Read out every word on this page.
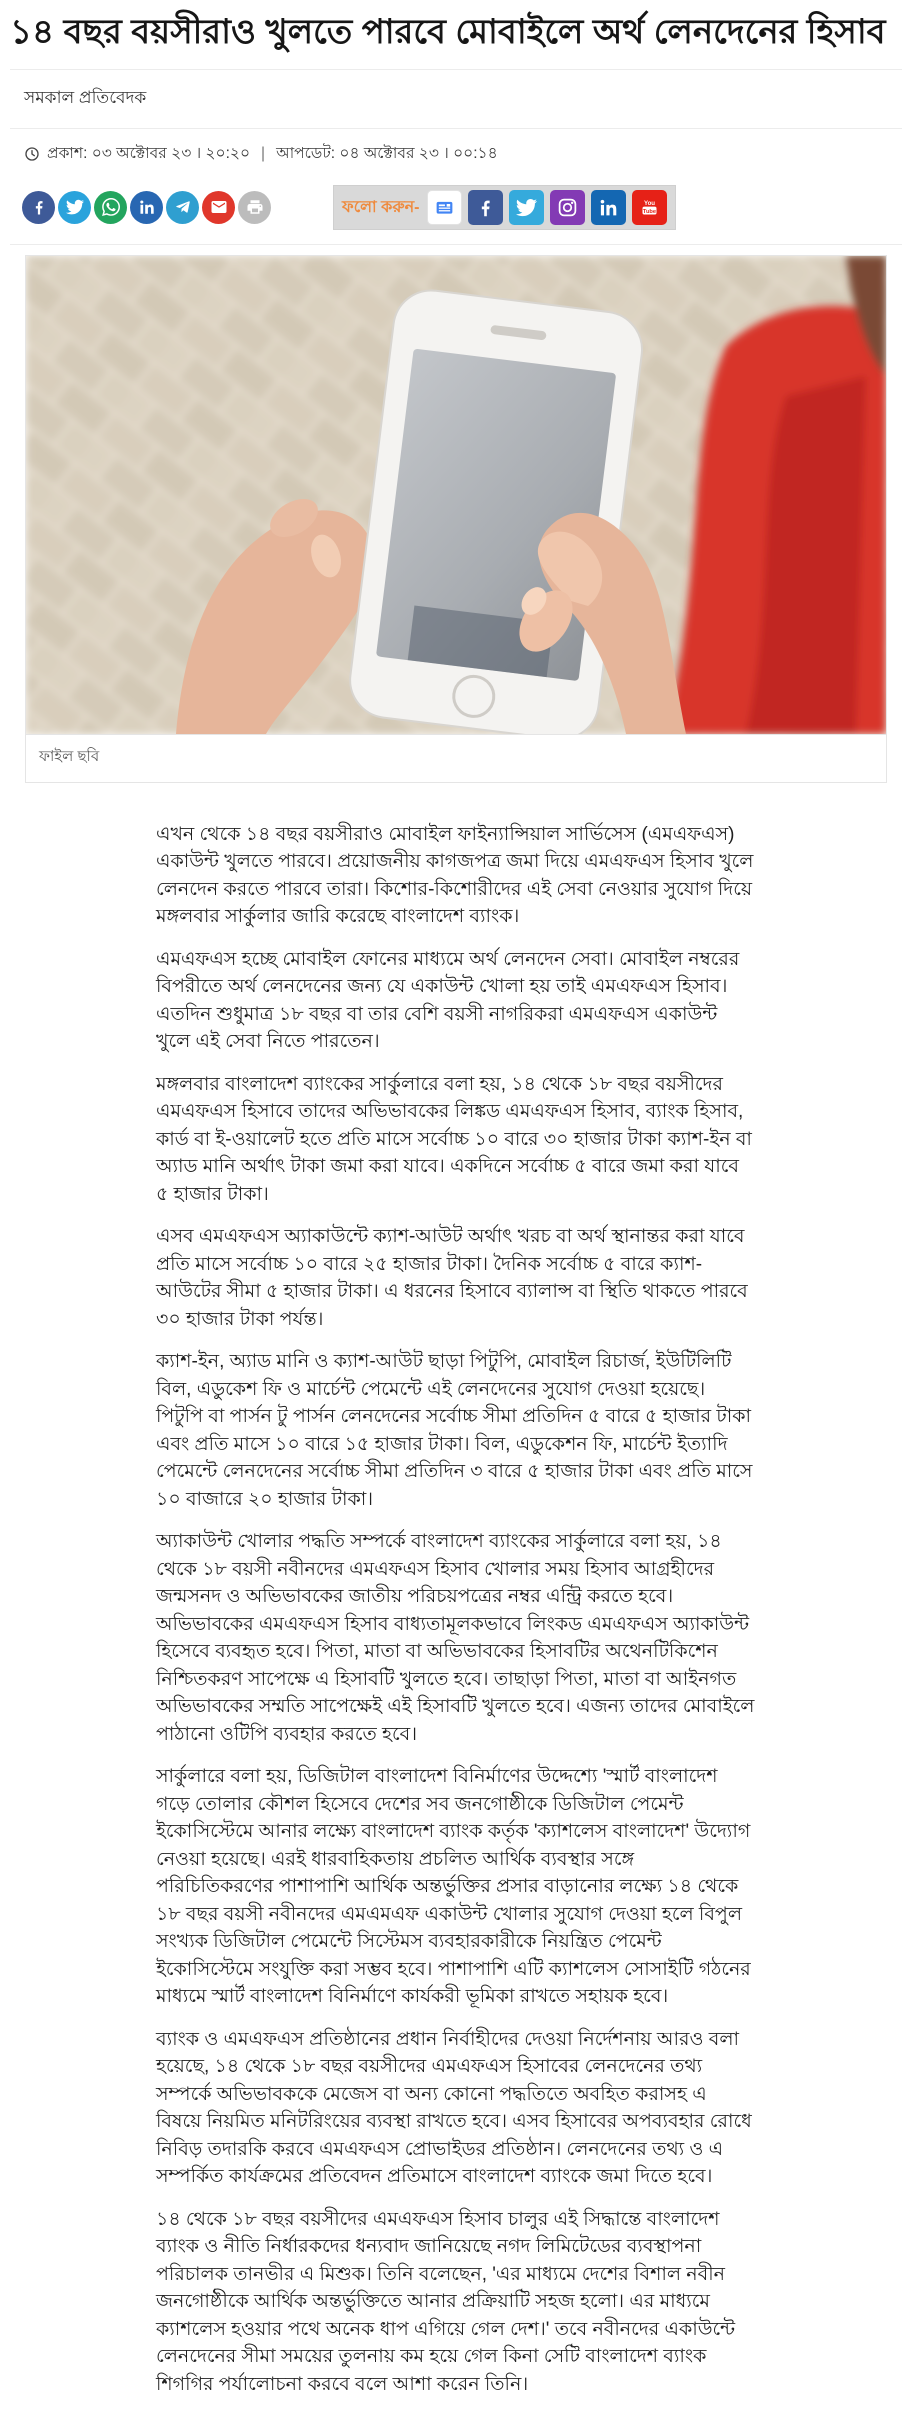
১৪ বছর বয়সীরাও খুলতে পারবে মোবাইলে অর্থ লেনদেনের হিসাব
সমকাল প্রতিবেদক
প্রকাশ: ০৩ অক্টোবর ২৩ । ২০:২০ | আপডেট: ০৪ অক্টোবর ২৩ । ০০:১৪
ফলো করুন-	You
Tube
ফাইল ছবি

এখন থেকে ১৪ বছর বয়সীরাও মোবাইল ফাইন্যান্সিয়াল সার্ভিসেস (এমএফএস) একাউন্ট খুলতে পারবে। প্রয়োজনীয় কাগজপত্র জমা দিয়ে এমএফএস হিসাব খুলে লেনদেন করতে পারবে তারা। কিশোর-কিশোরীদের এই সেবা নেওয়ার সুযোগ দিয়ে মঙ্গলবার সার্কুলার জারি করেছে বাংলাদেশ ব্যাংক।

এমএফএস হচ্ছে মোবাইল ফোনের মাধ্যমে অর্থ লেনদেন সেবা। মোবাইল নম্বরের বিপরীতে অর্থ লেনদেনের জন্য যে একাউন্ট খোলা হয় তাই এমএফএস হিসাব। এতদিন শুধুমাত্র ১৮ বছর বা তার বেশি বয়সী নাগরিকরা এমএফএস একাউন্ট খুলে এই সেবা নিতে পারতেন।

মঙ্গলবার বাংলাদেশ ব্যাংকের সার্কুলারে বলা হয়, ১৪ থেকে ১৮ বছর বয়সীদের এমএফএস হিসাবে তাদের অভিভাবকের লিঙ্কড এমএফএস হিসাব, ব্যাংক হিসাব, কার্ড বা ই-ওয়ালেট হতে প্রতি মাসে সর্বোচ্চ ১০ বারে ৩০ হাজার টাকা ক্যাশ-ইন বা অ্যাড মানি অর্থাৎ টাকা জমা করা যাবে। একদিনে সর্বোচ্চ ৫ বারে জমা করা যাবে ৫ হাজার টাকা।

এসব এমএফএস অ্যাকাউন্টে ক্যাশ-আউট অর্থাৎ খরচ বা অর্থ স্থানান্তর করা যাবে প্রতি মাসে সর্বোচ্চ ১০ বারে ২৫ হাজার টাকা। দৈনিক সর্বোচ্চ ৫ বারে ক্যাশ-আউটের সীমা ৫ হাজার টাকা। এ ধরনের হিসাবে ব্যালান্স বা স্থিতি থাকতে পারবে ৩০ হাজার টাকা পর্যন্ত।

ক্যাশ-ইন, অ্যাড মানি ও ক্যাশ-আউট ছাড়া পিটুপি, মোবাইল রিচার্জ, ইউটিলিটি বিল, এডুকেশ ফি ও মার্চেন্ট পেমেন্টে এই লেনদেনের সুযোগ দেওয়া হয়েছে। পিটুপি বা পার্সন টু পার্সন লেনদেনের সর্বোচ্চ সীমা প্রতিদিন ৫ বারে ৫ হাজার টাকা এবং প্রতি মাসে ১০ বারে ১৫ হাজার টাকা। বিল, এডুকেশন ফি, মার্চেন্ট ইত্যাদি পেমেন্টে লেনদেনের সর্বোচ্চ সীমা প্রতিদিন ৩ বারে ৫ হাজার টাকা এবং প্রতি মাসে ১০ বাজারে ২০ হাজার টাকা।

অ্যাকাউন্ট খোলার পদ্ধতি সম্পর্কে বাংলাদেশ ব্যাংকের সার্কুলারে বলা হয়, ১৪ থেকে ১৮ বয়সী নবীনদের এমএফএস হিসাব খোলার সময় হিসাব আগ্রহীদের জন্মসনদ ও অভিভাবকের জাতীয় পরিচয়পত্রের নম্বর এন্ট্রি করতে হবে। অভিভাবকের এমএফএস হিসাব বাধ্যতামূলকভাবে লিংকড এমএফএস অ্যাকাউন্ট হিসেবে ব্যবহৃত হবে। পিতা, মাতা বা অভিভাবকের হিসাবটির অথেনটিকিশেন নিশ্চিতকরণ সাপেক্ষে এ হিসাবটি খুলতে হবে। তাছাড়া পিতা, মাতা বা আইনগত অভিভাবকের সম্মতি সাপেক্ষেই এই হিসাবটি খুলতে হবে। এজন্য তাদের মোবাইলে পাঠানো ওটিপি ব্যবহার করতে হবে।

সার্কুলারে বলা হয়, ডিজিটাল বাংলাদেশ বিনির্মাণের উদ্দেশ্যে 'স্মার্ট বাংলাদেশ গড়ে তোলার কৌশল হিসেবে দেশের সব জনগোষ্ঠীকে ডিজিটাল পেমেন্ট ইকোসিস্টেমে আনার লক্ষ্যে বাংলাদেশ ব্যাংক কর্তৃক 'ক্যাশলেস বাংলাদেশ' উদ্যোগ নেওয়া হয়েছে। এরই ধারবাহিকতায় প্রচলিত আর্থিক ব্যবস্থার সঙ্গে পরিচিতিকরণের পাশাপাশি আর্থিক অন্তর্ভুক্তির প্রসার বাড়ানোর লক্ষ্যে ১৪ থেকে ১৮ বছর বয়সী নবীনদের এমএমএফ একাউন্ট খোলার সুযোগ দেওয়া হলে বিপুল সংখ্যক ডিজিটাল পেমেন্টে সিস্টেমস ব্যবহারকারীকে নিয়ন্ত্রিত পেমেন্ট ইকোসিস্টেমে সংযুক্তি করা সম্ভব হবে। পাশাপাশি এটি ক্যাশলেস সোসাইটি গঠনের মাধ্যমে স্মার্ট বাংলাদেশ বিনির্মাণে কার্যকরী ভূমিকা রাখতে সহায়ক হবে।

ব্যাংক ও এমএফএস প্রতিষ্ঠানের প্রধান নির্বাহীদের দেওয়া নির্দেশনায় আরও বলা হয়েছে, ১৪ থেকে ১৮ বছর বয়সীদের এমএফএস হিসাবের লেনদেনের তথ্য সম্পর্কে অভিভাবককে মেজেস বা অন্য কোনো পদ্ধতিতে অবহিত করাসহ এ বিষয়ে নিয়মিত মনিটরিংয়ের ব্যবস্থা রাখতে হবে। এসব হিসাবের অপব্যবহার রোধে নিবিড় তদারকি করবে এমএফএস প্রোভাইডর প্রতিষ্ঠান। লেনদেনের তথ্য ও এ সম্পর্কিত কার্যক্রমের প্রতিবেদন প্রতিমাসে বাংলাদেশ ব্যাংকে জমা দিতে হবে।

১৪ থেকে ১৮ বছর বয়সীদের এমএফএস হিসাব চালুর এই সিদ্ধান্তে বাংলাদেশ ব্যাংক ও নীতি নির্ধারকদের ধন্যবাদ জানিয়েছে নগদ লিমিটেডের ব্যবস্থাপনা পরিচালক তানভীর এ মিশুক। তিনি বলেছেন, 'এর মাধ্যমে দেশের বিশাল নবীন জনগোষ্ঠীকে আর্থিক অন্তর্ভুক্তিতে আনার প্রক্রিয়াটি সহজ হলো। এর মাধ্যমে ক্যাশলেস হওয়ার পথে অনেক ধাপ এগিয়ে গেল দেশ।' তবে নবীনদের একাউন্টে লেনদেনের সীমা সময়ের তুলনায় কম হয়ে গেল কিনা সেটি বাংলাদেশ ব্যাংক শিগগির পর্যালোচনা করবে বলে আশা করেন তিনি।
